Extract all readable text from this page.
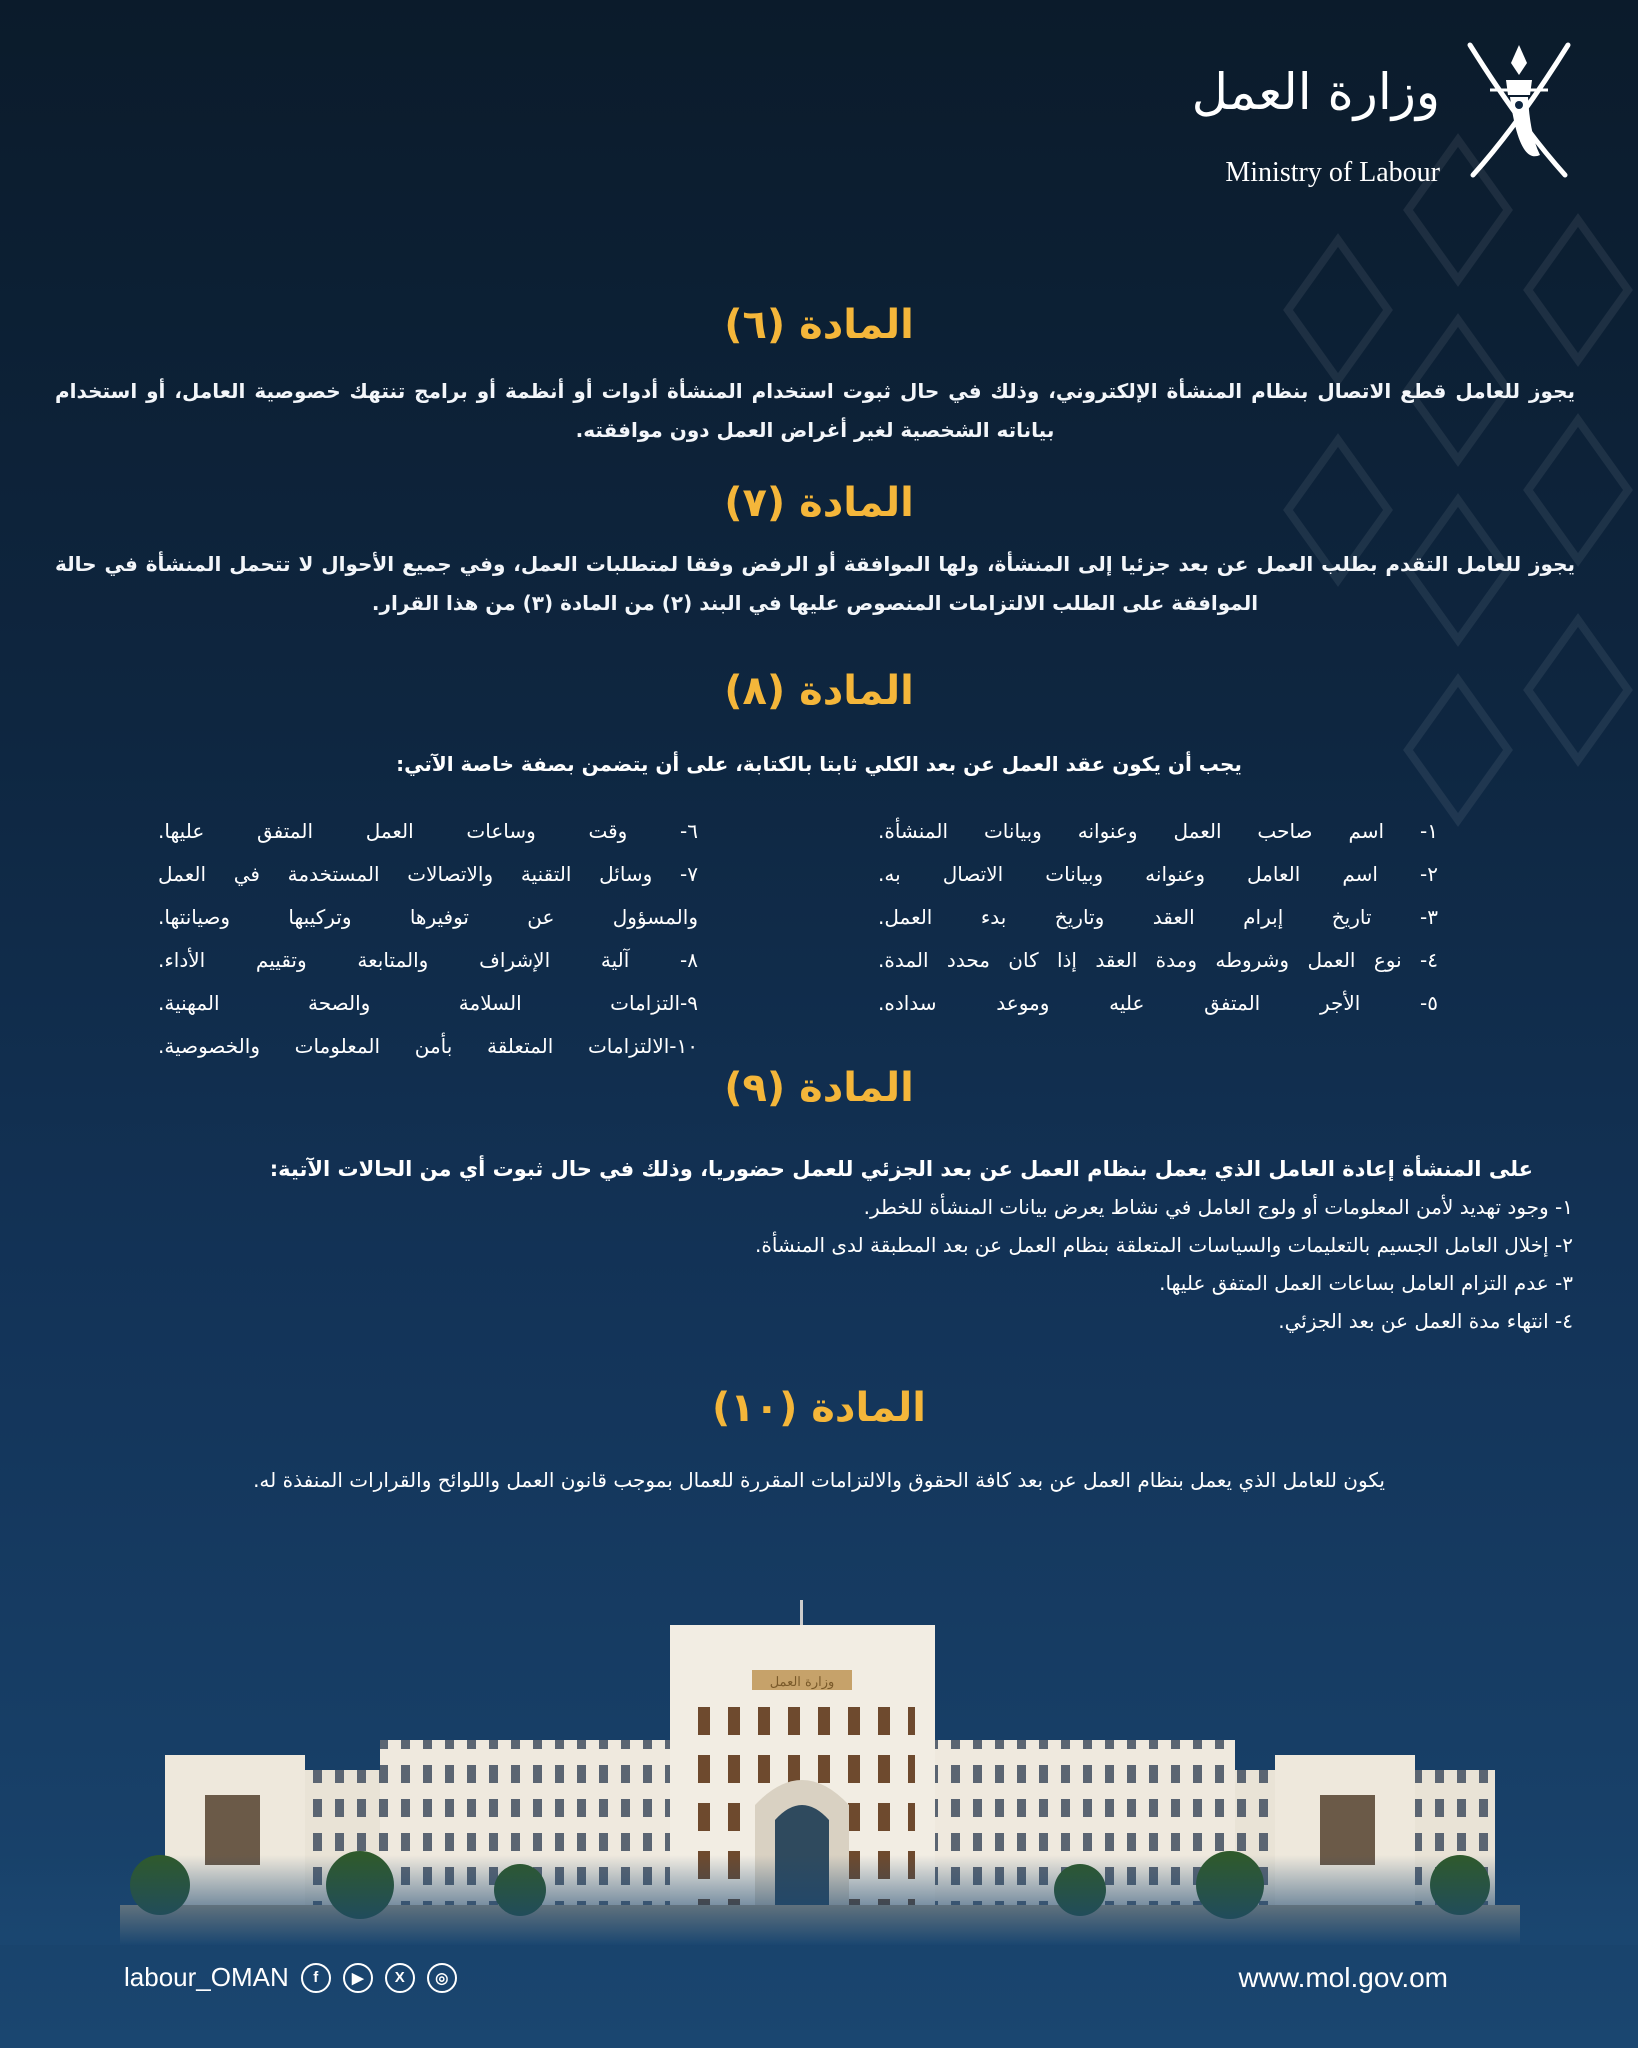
وزارة العمل
Ministry of Labour
المادة (٦)
يجوز للعامل قطع الاتصال بنظام المنشأة الإلكتروني، وذلك في حال ثبوت استخدام المنشأة أدوات أو أنظمة أو برامج تنتهك خصوصية العامل، أو استخدام بياناته الشخصية لغير أغراض العمل دون موافقته.
المادة (٧)
يجوز للعامل التقدم بطلب العمل عن بعد جزئيا إلى المنشأة، ولها الموافقة أو الرفض وفقا لمتطلبات العمل، وفي جميع الأحوال لا تتحمل المنشأة في حالة الموافقة على الطلب الالتزامات المنصوص عليها في البند (٢) من المادة (٣) من هذا القرار.
المادة (٨)
يجب أن يكون عقد العمل عن بعد الكلي ثابتا بالكتابة، على أن يتضمن بصفة خاصة الآتي:
١- اسم صاحب العمل وعنوانه وبيانات المنشأة.
٢- اسم العامل وعنوانه وبيانات الاتصال به.
٣- تاريخ إبرام العقد وتاريخ بدء العمل.
٤- نوع العمل وشروطه ومدة العقد إذا كان محدد المدة.
٥- الأجر المتفق عليه وموعد سداده.
٦- وقت وساعات العمل المتفق عليها.
٧- وسائل التقنية والاتصالات المستخدمة في العمل
والمسؤول عن توفيرها وتركيبها وصيانتها.
٨- آلية الإشراف والمتابعة وتقييم الأداء.
٩-التزامات السلامة والصحة المهنية.
١٠-الالتزامات المتعلقة بأمن المعلومات والخصوصية.
المادة (٩)
على المنشأة إعادة العامل الذي يعمل بنظام العمل عن بعد الجزئي للعمل حضوريا، وذلك في حال ثبوت أي من الحالات الآتية:
١- وجود تهديد لأمن المعلومات أو ولوج العامل في نشاط يعرض بيانات المنشأة للخطر.
٢- إخلال العامل الجسيم بالتعليمات والسياسات المتعلقة بنظام العمل عن بعد المطبقة لدى المنشأة.
٣- عدم التزام العامل بساعات العمل المتفق عليها.
٤- انتهاء مدة العمل عن بعد الجزئي.
المادة (١٠)
يكون للعامل الذي يعمل بنظام العمل عن بعد كافة الحقوق والالتزامات المقررة للعمال بموجب قانون العمل واللوائح والقرارات المنفذة له.
وزارة العمل
labour_OMAN	f	▶	X	◎	www.mol.gov.om
